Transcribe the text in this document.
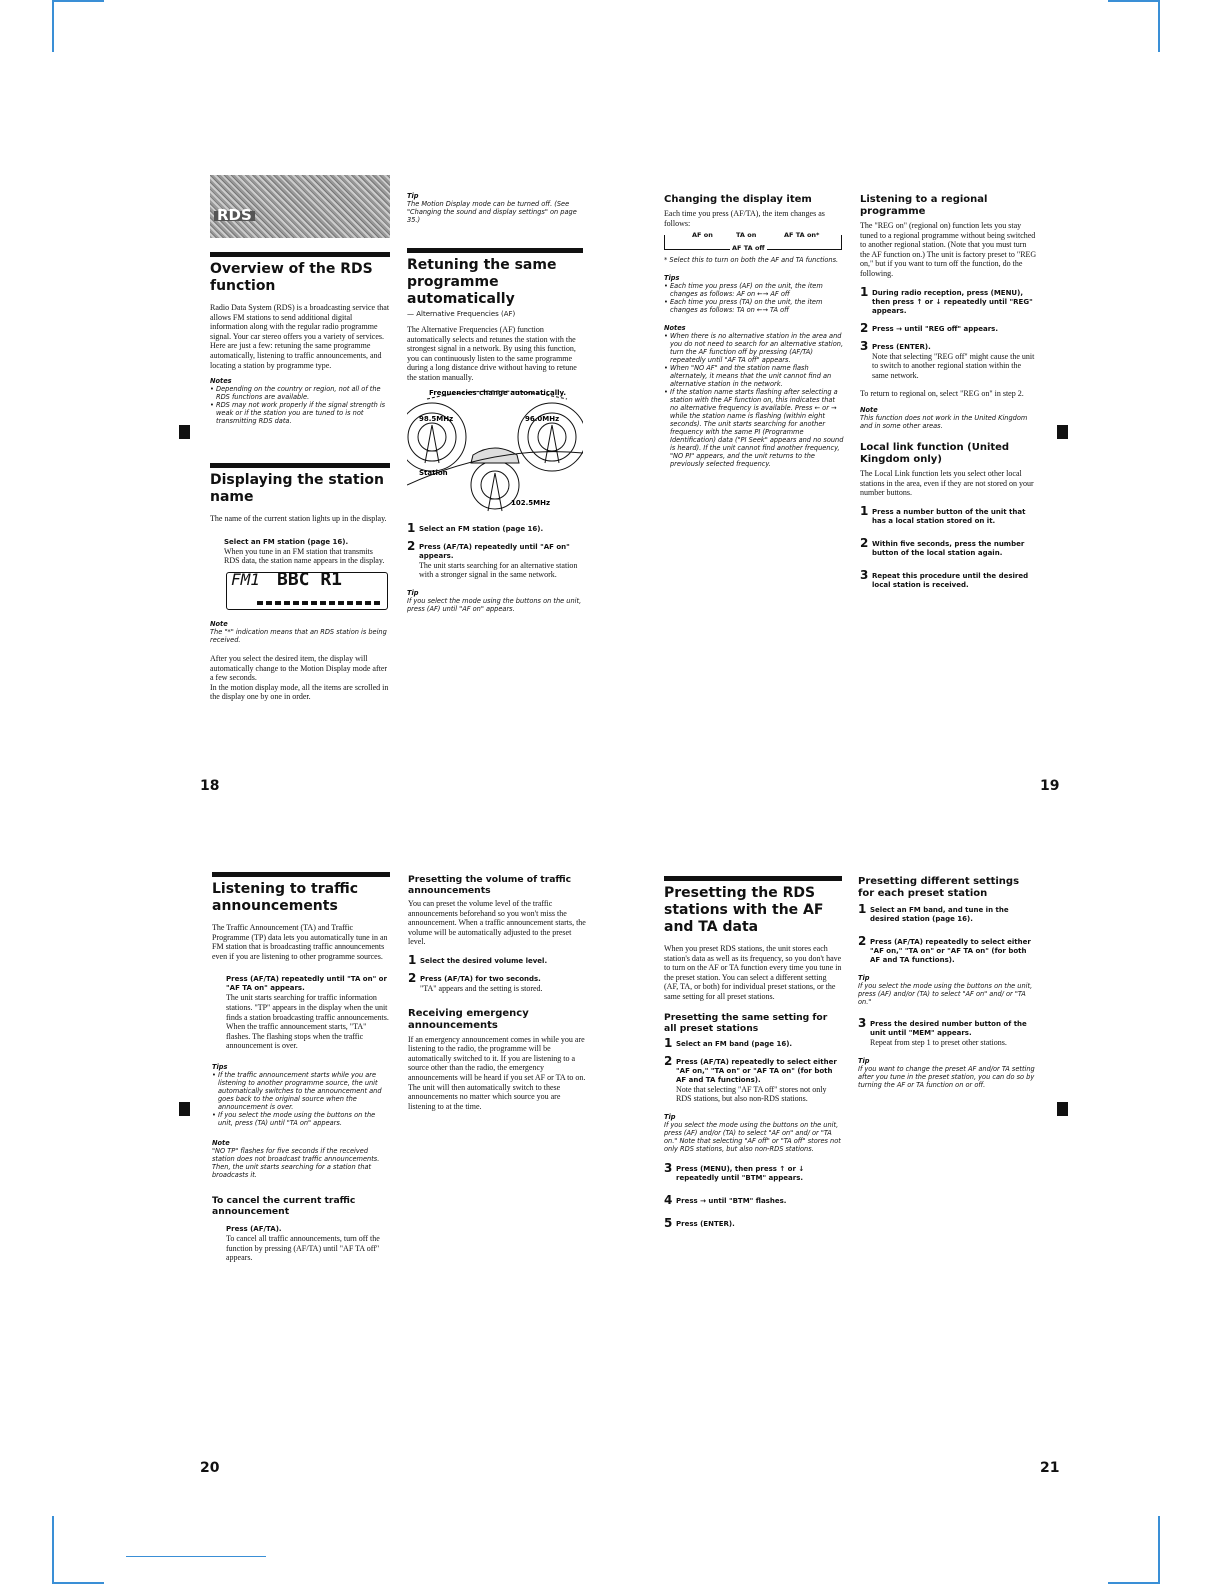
RDS
Overview of the RDS function

Radio Data System (RDS) is a broadcasting service that allows FM stations to send additional digital information along with the regular radio programme signal. Your car stereo offers you a variety of services. Here are just a few: retuning the same programme automatically, listening to traffic announcements, and locating a station by programme type.

Notes
• Depending on the country or region, not all of the RDS functions are available.
• RDS may not work properly if the signal strength is weak or if the station you are tuned to is not transmitting RDS data.
Displaying the station name

The name of the current station lights up in the display.

Select an FM station (page 16).
When you tune in an FM station that transmits RDS data, the station name appears in the display.
FM1 BBC R1
Note
The "*" indication means that an RDS station is being received.
After you select the desired item, the display will automatically change to the Motion Display mode after a few seconds.
In the motion display mode, all the items are scrolled in the display one by one in order.
Tip
The Motion Display mode can be turned off. (See "Changing the sound and display settings" on page 35.)
Retuning the same programme automatically
— Alternative Frequencies (AF)

The Alternative Frequencies (AF) function automatically selects and retunes the station with the strongest signal in a network. By using this function, you can continuously listen to the same programme during a long distance drive without having to retune the station manually.

Frequencies change automatically.
98.5MHz	96.0MHz
102.5MHz
Station
1 Select an FM station (page 16).
2 Press (AF/TA) repeatedly until "AF on" appears.
The unit starts searching for an alternative station with a stronger signal in the same network.
Tip
If you select the mode using the buttons on the unit, press (AF) until "AF on" appears.
18
Changing the display item

Each time you press (AF/TA), the item changes as follows:

AF on	TA on	AF TA on*
AF TA off
* Select this to turn on both the AF and TA functions.
Tips
• Each time you press (AF) on the unit, the item changes as follows: AF on ←→ AF off
• Each time you press (TA) on the unit, the item changes as follows: TA on ←→ TA off
Notes
• When there is no alternative station in the area and you do not need to search for an alternative station, turn the AF function off by pressing (AF/TA) repeatedly until "AF TA off" appears.
• When "NO AF" and the station name flash alternately, it means that the unit cannot find an alternative station in the network.
• If the station name starts flashing after selecting a station with the AF function on, this indicates that no alternative frequency is available. Press ← or → while the station name is flashing (within eight seconds). The unit starts searching for another frequency with the same PI (Programme Identification) data ("PI Seek" appears and no sound is heard). If the unit cannot find another frequency, "NO PI" appears, and the unit returns to the previously selected frequency.
Listening to a regional programme

The "REG on" (regional on) function lets you stay tuned to a regional programme without being switched to another regional station. (Note that you must turn the AF function on.) The unit is factory preset to "REG on," but if you want to turn off the function, do the following.

1 During radio reception, press (MENU), then press ↑ or ↓ repeatedly until "REG" appears.
2 Press → until "REG off" appears.
3 Press (ENTER).
Note that selecting "REG off" might cause the unit to switch to another regional station within the same network.

To return to regional on, select "REG on" in step 2.

Note
This function does not work in the United Kingdom and in some other areas.
Local link function (United Kingdom only)

The Local Link function lets you select other local stations in the area, even if they are not stored on your number buttons.

1 Press a number button of the unit that has a local station stored on it.
2 Within five seconds, press the number button of the local station again.
3 Repeat this procedure until the desired local station is received.
19
Listening to traffic announcements

The Traffic Announcement (TA) and Traffic Programme (TP) data lets you automatically tune in an FM station that is broadcasting traffic announcements even if you are listening to other programme sources.

Press (AF/TA) repeatedly until "TA on" or "AF TA on" appears.
The unit starts searching for traffic information stations. "TP" appears in the display when the unit finds a station broadcasting traffic announcements. When the traffic announcement starts, "TA" flashes. The flashing stops when the traffic announcement is over.
Tips
• If the traffic announcement starts while you are listening to another programme source, the unit automatically switches to the announcement and goes back to the original source when the announcement is over.
• If you select the mode using the buttons on the unit, press (TA) until "TA on" appears.
Note
"NO TP" flashes for five seconds if the received station does not broadcast traffic announcements. Then, the unit starts searching for a station that broadcasts it.
To cancel the current traffic announcement
Press (AF/TA).
To cancel all traffic announcements, turn off the function by pressing (AF/TA) until "AF TA off" appears.
Presetting the volume of traffic announcements

You can preset the volume level of the traffic announcements beforehand so you won't miss the announcement. When a traffic announcement starts, the volume will be automatically adjusted to the preset level.

1 Select the desired volume level.
2 Press (AF/TA) for two seconds.
"TA" appears and the setting is stored.
Receiving emergency announcements

If an emergency announcement comes in while you are listening to the radio, the programme will be automatically switched to it. If you are listening to a source other than the radio, the emergency announcements will be heard if you set AF or TA to on. The unit will then automatically switch to these announcements no matter which source you are listening to at the time.

20
Presetting the RDS stations with the AF and TA data

When you preset RDS stations, the unit stores each station's data as well as its frequency, so you don't have to turn on the AF or TA function every time you tune in the preset station. You can select a different setting (AF, TA, or both) for individual preset stations, or the same setting for all preset stations.

Presetting the same setting for all preset stations
1 Select an FM band (page 16).
2 Press (AF/TA) repeatedly to select either "AF on," "TA on" or "AF TA on" (for both AF and TA functions).
Note that selecting "AF TA off" stores not only RDS stations, but also non-RDS stations.
Tip
If you select the mode using the buttons on the unit, press (AF) and/or (TA) to select "AF on" and/ or "TA on." Note that selecting "AF off" or "TA off" stores not only RDS stations, but also non-RDS stations.
3 Press (MENU), then press ↑ or ↓ repeatedly until "BTM" appears.
4 Press → until "BTM" flashes.
5 Press (ENTER).
Presetting different settings for each preset station
1 Select an FM band, and tune in the desired station (page 16).
2 Press (AF/TA) repeatedly to select either "AF on," "TA on" or "AF TA on" (for both AF and TA functions).
Tip
If you select the mode using the buttons on the unit, press (AF) and/or (TA) to select "AF on" and/ or "TA on."
3 Press the desired number button of the unit until "MEM" appears.
Repeat from step 1 to preset other stations.
Tip
If you want to change the preset AF and/or TA setting after you tune in the preset station, you can do so by turning the AF or TA function on or off.
21
